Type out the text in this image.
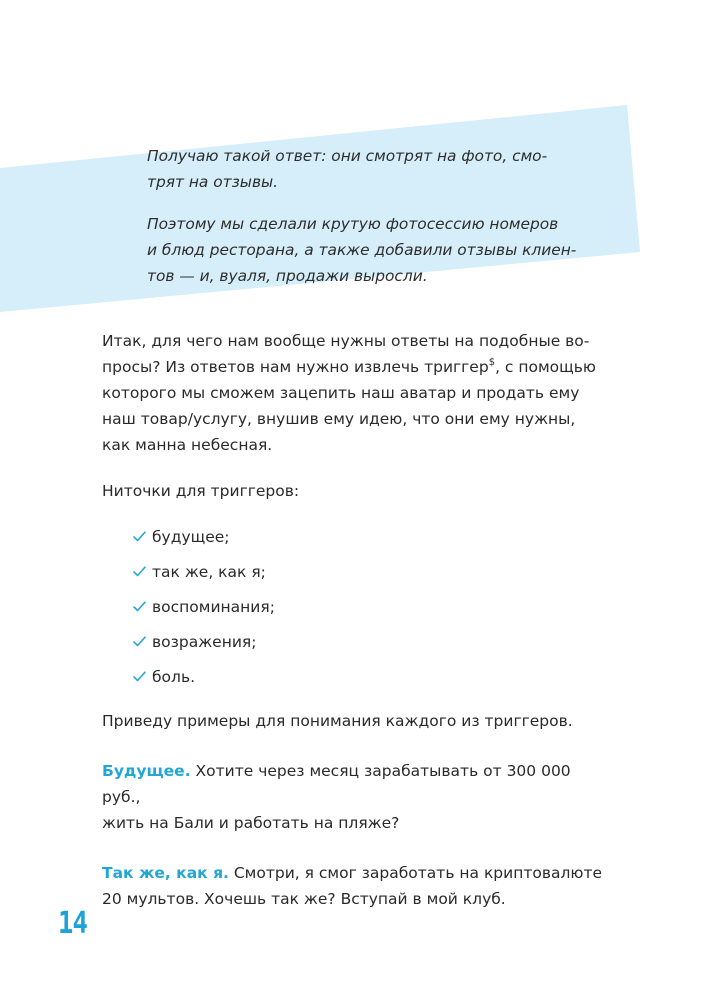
Получаю такой ответ: они смотрят на фото, смо-
трят на отзывы.

Поэтому мы сделали крутую фотосессию номеров
и блюд ресторана, а также добавили отзывы клиен-
тов — и, вуаля, продажи выросли.

Итак, для чего нам вообще нужны ответы на подобные во-
просы? Из ответов нам нужно извлечь триггер$, с помощью
которого мы сможем зацепить наш аватар и продать ему
наш товар/услугу, внушив ему идею, что они ему нужны,
как манна небесная.

Ниточки для триггеров:

будущее;
так же, как я;
воспоминания;
возражения;
боль.

Приведу примеры для понимания каждого из триггеров.

Будущее. Хотите через месяц зарабатывать от 300 000 руб.,
жить на Бали и работать на пляже?

Так же, как я. Смотри, я смог заработать на криптовалюте
20 мультов. Хочешь так же? Вступай в мой клуб.

14
